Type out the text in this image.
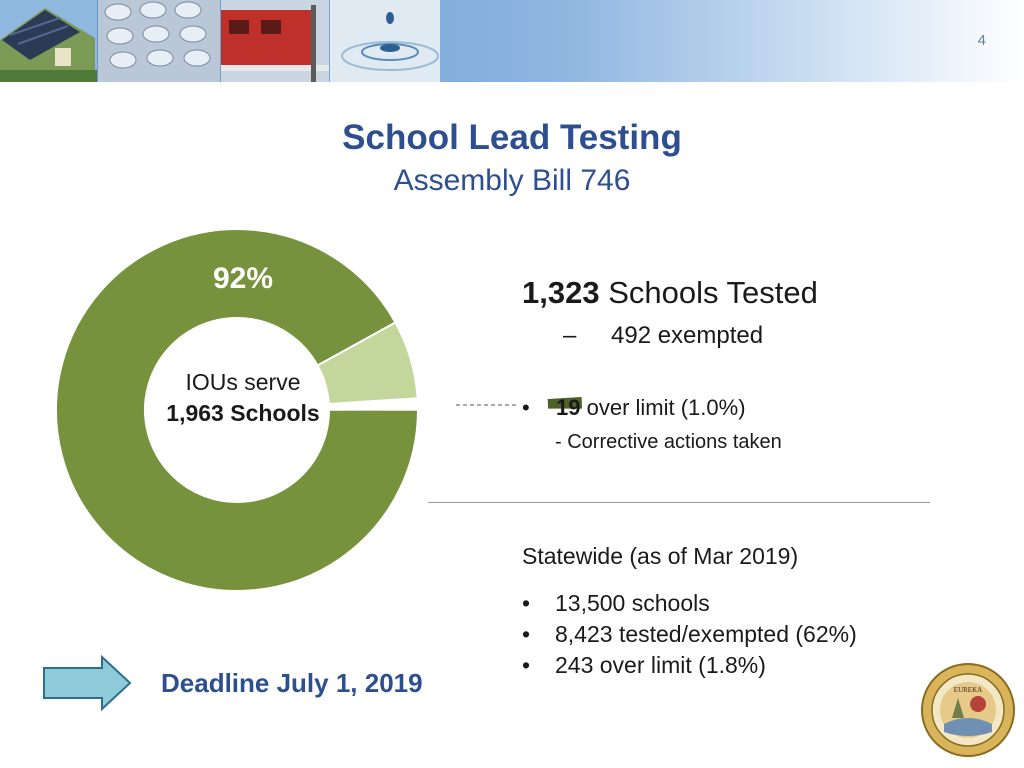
4
School Lead Testing
Assembly Bill 746
92%
IOUs serve
1,963 Schools
1,323 Schools Tested
– 492 exempted
• 19 over limit (1.0%)
- Corrective actions taken
Statewide (as of Mar 2019)
• 13,500 schools
• 8,423 tested/exempted (62%)
• 243 over limit (1.8%)
Deadline July 1, 2019	EUREKA
